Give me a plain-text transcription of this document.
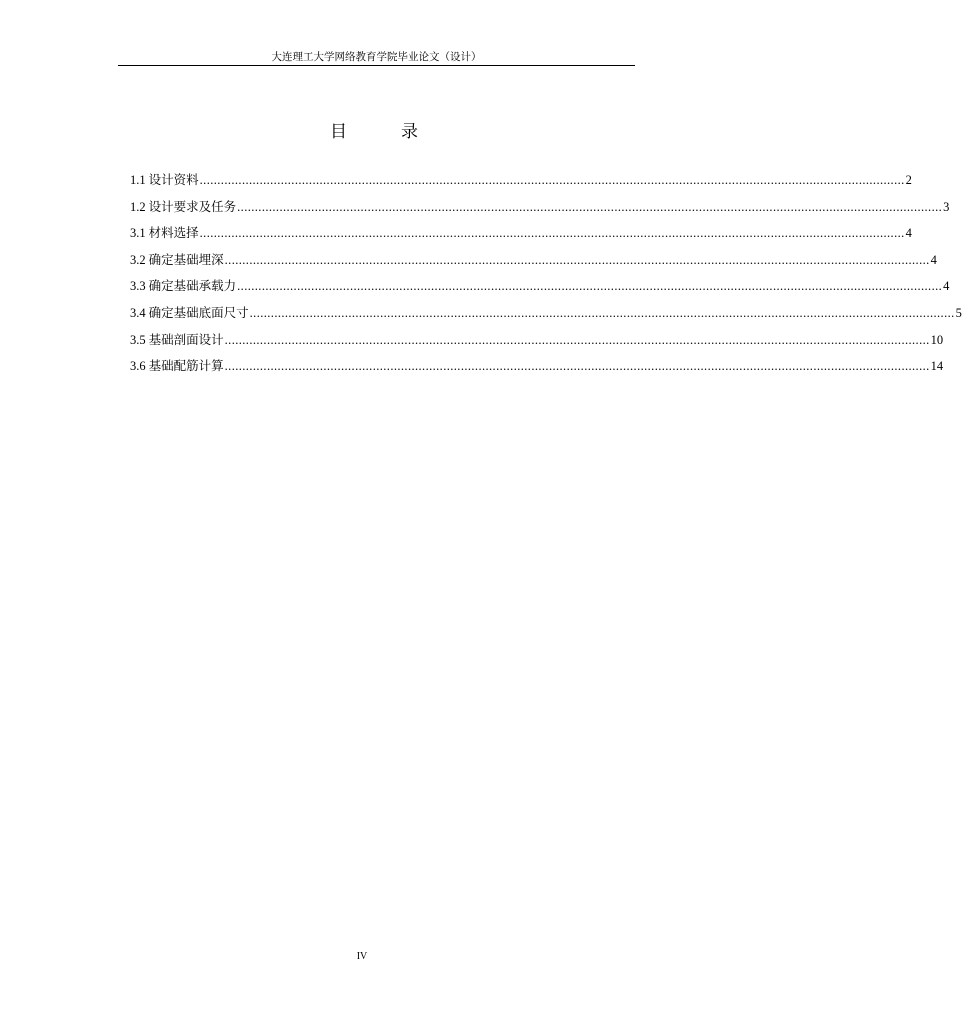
大连理工大学网络教育学院毕业论文（设计）
目	录
1.1 设计资料 ........................................................................................................................................................................................................ 2
1.2 设计要求及任务 ........................................................................................................................................................................................................ 3
3.1 材料选择 ........................................................................................................................................................................................................ 4
3.2 确定基础埋深 ........................................................................................................................................................................................................ 4
3.3 确定基础承载力 ........................................................................................................................................................................................................ 4
3.4 确定基础底面尺寸 ........................................................................................................................................................................................................ 5
3.5 基础剖面设计 ........................................................................................................................................................................................................ 10
3.6 基础配筋计算 ........................................................................................................................................................................................................ 14
IV
